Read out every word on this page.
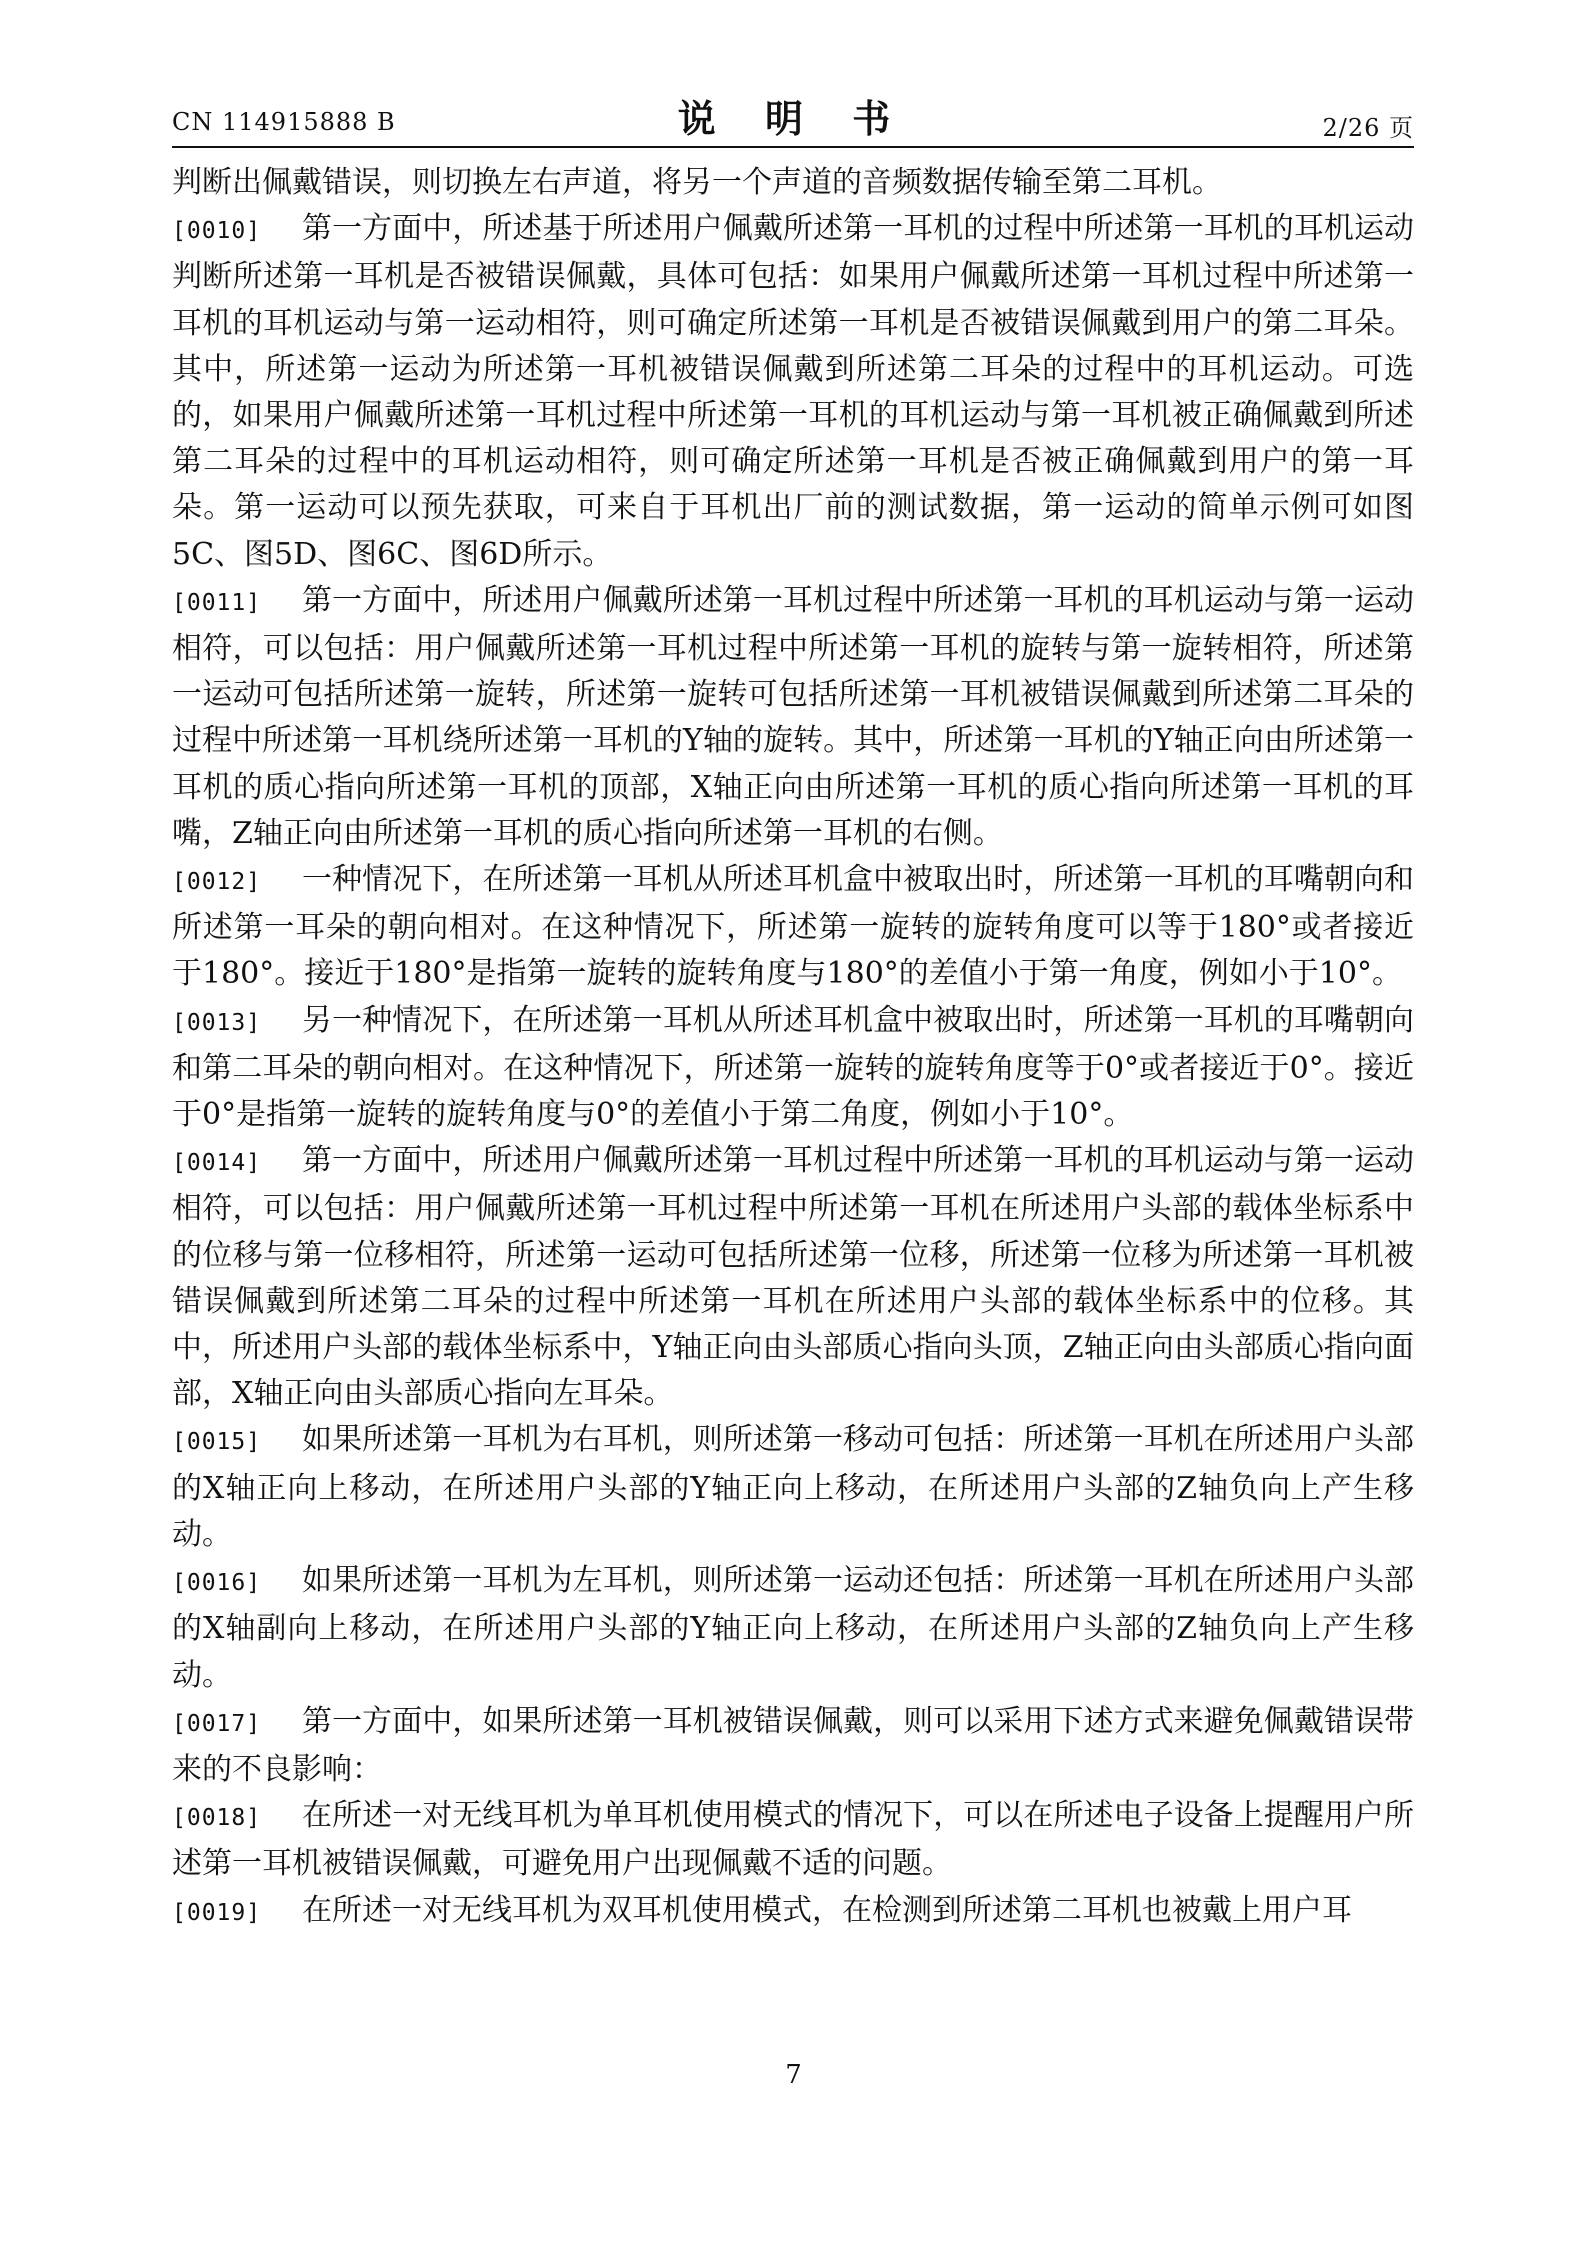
CN 114915888 B	说 明 书	2/26 页

判断出佩戴错误，则切换左右声道，将另一个声道的音频数据传输至第二耳机。

[0010] 第一方面中，所述基于所述用户佩戴所述第一耳机的过程中所述第一耳机的耳机运动判断所述第一耳机是否被错误佩戴，具体可包括：如果用户佩戴所述第一耳机过程中所述第一耳机的耳机运动与第一运动相符，则可确定所述第一耳机是否被错误佩戴到用户的第二耳朵。其中，所述第一运动为所述第一耳机被错误佩戴到所述第二耳朵的过程中的耳机运动。可选的，如果用户佩戴所述第一耳机过程中所述第一耳机的耳机运动与第一耳机被正确佩戴到所述第二耳朵的过程中的耳机运动相符，则可确定所述第一耳机是否被正确佩戴到用户的第一耳朵。第一运动可以预先获取，可来自于耳机出厂前的测试数据，第一运动的简单示例可如图5C、图5D、图6C、图6D所示。

[0011] 第一方面中，所述用户佩戴所述第一耳机过程中所述第一耳机的耳机运动与第一运动相符，可以包括：用户佩戴所述第一耳机过程中所述第一耳机的旋转与第一旋转相符，所述第一运动可包括所述第一旋转，所述第一旋转可包括所述第一耳机被错误佩戴到所述第二耳朵的过程中所述第一耳机绕所述第一耳机的Y轴的旋转。其中，所述第一耳机的Y轴正向由所述第一耳机的质心指向所述第一耳机的顶部，X轴正向由所述第一耳机的质心指向所述第一耳机的耳嘴，Z轴正向由所述第一耳机的质心指向所述第一耳机的右侧。

[0012] 一种情况下，在所述第一耳机从所述耳机盒中被取出时，所述第一耳机的耳嘴朝向和所述第一耳朵的朝向相对。在这种情况下，所述第一旋转的旋转角度可以等于180°或者接近于180°。接近于180°是指第一旋转的旋转角度与180°的差值小于第一角度，例如小于10°。

[0013] 另一种情况下，在所述第一耳机从所述耳机盒中被取出时，所述第一耳机的耳嘴朝向和第二耳朵的朝向相对。在这种情况下，所述第一旋转的旋转角度等于0°或者接近于0°。接近于0°是指第一旋转的旋转角度与0°的差值小于第二角度，例如小于10°。

[0014] 第一方面中，所述用户佩戴所述第一耳机过程中所述第一耳机的耳机运动与第一运动相符，可以包括：用户佩戴所述第一耳机过程中所述第一耳机在所述用户头部的载体坐标系中的位移与第一位移相符，所述第一运动可包括所述第一位移，所述第一位移为所述第一耳机被错误佩戴到所述第二耳朵的过程中所述第一耳机在所述用户头部的载体坐标系中的位移。其中，所述用户头部的载体坐标系中，Y轴正向由头部质心指向头顶，Z轴正向由头部质心指向面部，X轴正向由头部质心指向左耳朵。

[0015] 如果所述第一耳机为右耳机，则所述第一移动可包括：所述第一耳机在所述用户头部的X轴正向上移动，在所述用户头部的Y轴正向上移动，在所述用户头部的Z轴负向上产生移动。

[0016] 如果所述第一耳机为左耳机，则所述第一运动还包括：所述第一耳机在所述用户头部的X轴副向上移动，在所述用户头部的Y轴正向上移动，在所述用户头部的Z轴负向上产生移动。

[0017] 第一方面中，如果所述第一耳机被错误佩戴，则可以采用下述方式来避免佩戴错误带来的不良影响：

[0018] 在所述一对无线耳机为单耳机使用模式的情况下，可以在所述电子设备上提醒用户所述第一耳机被错误佩戴，可避免用户出现佩戴不适的问题。

[0019] 在所述一对无线耳机为双耳机使用模式，在检测到所述第二耳机也被戴上用户耳

7
